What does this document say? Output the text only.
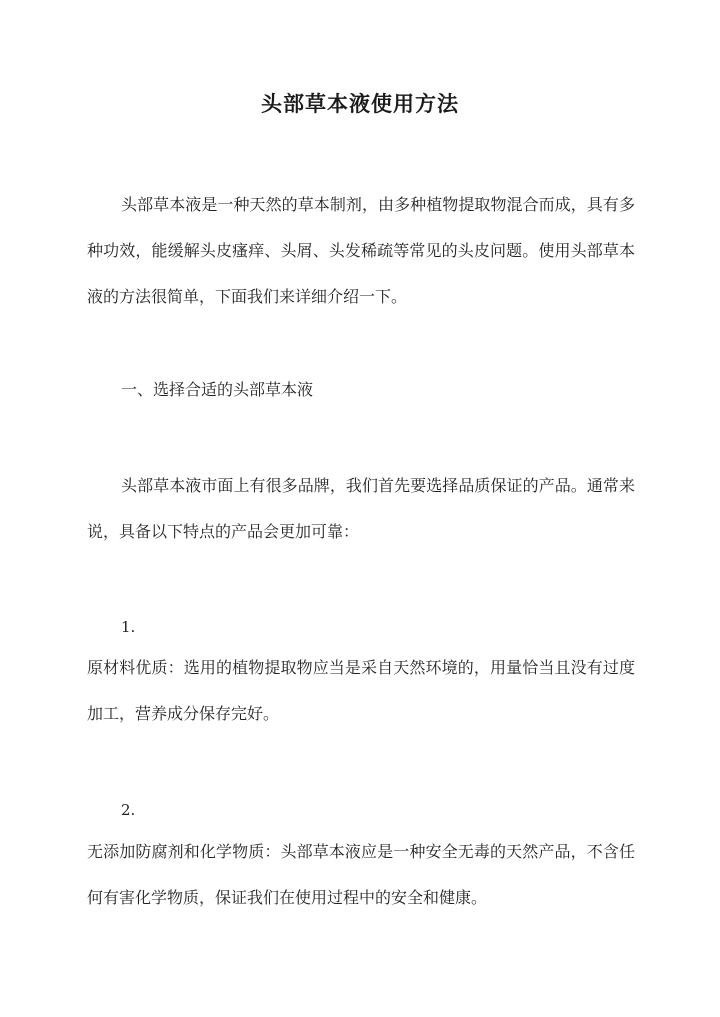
头部草本液使用方法

头部草本液是一种天然的草本制剂，由多种植物提取物混合而成，具有多种功效，能缓解头皮瘙痒、头屑、头发稀疏等常见的头皮问题。使用头部草本液的方法很简单，下面我们来详细介绍一下。

一、选择合适的头部草本液

头部草本液市面上有很多品牌，我们首先要选择品质保证的产品。通常来说，具备以下特点的产品会更加可靠：

1.

原材料优质：选用的植物提取物应当是采自天然环境的，用量恰当且没有过度加工，营养成分保存完好。

2.

无添加防腐剂和化学物质：头部草本液应是一种安全无毒的天然产品，不含任何有害化学物质，保证我们在使用过程中的安全和健康。
